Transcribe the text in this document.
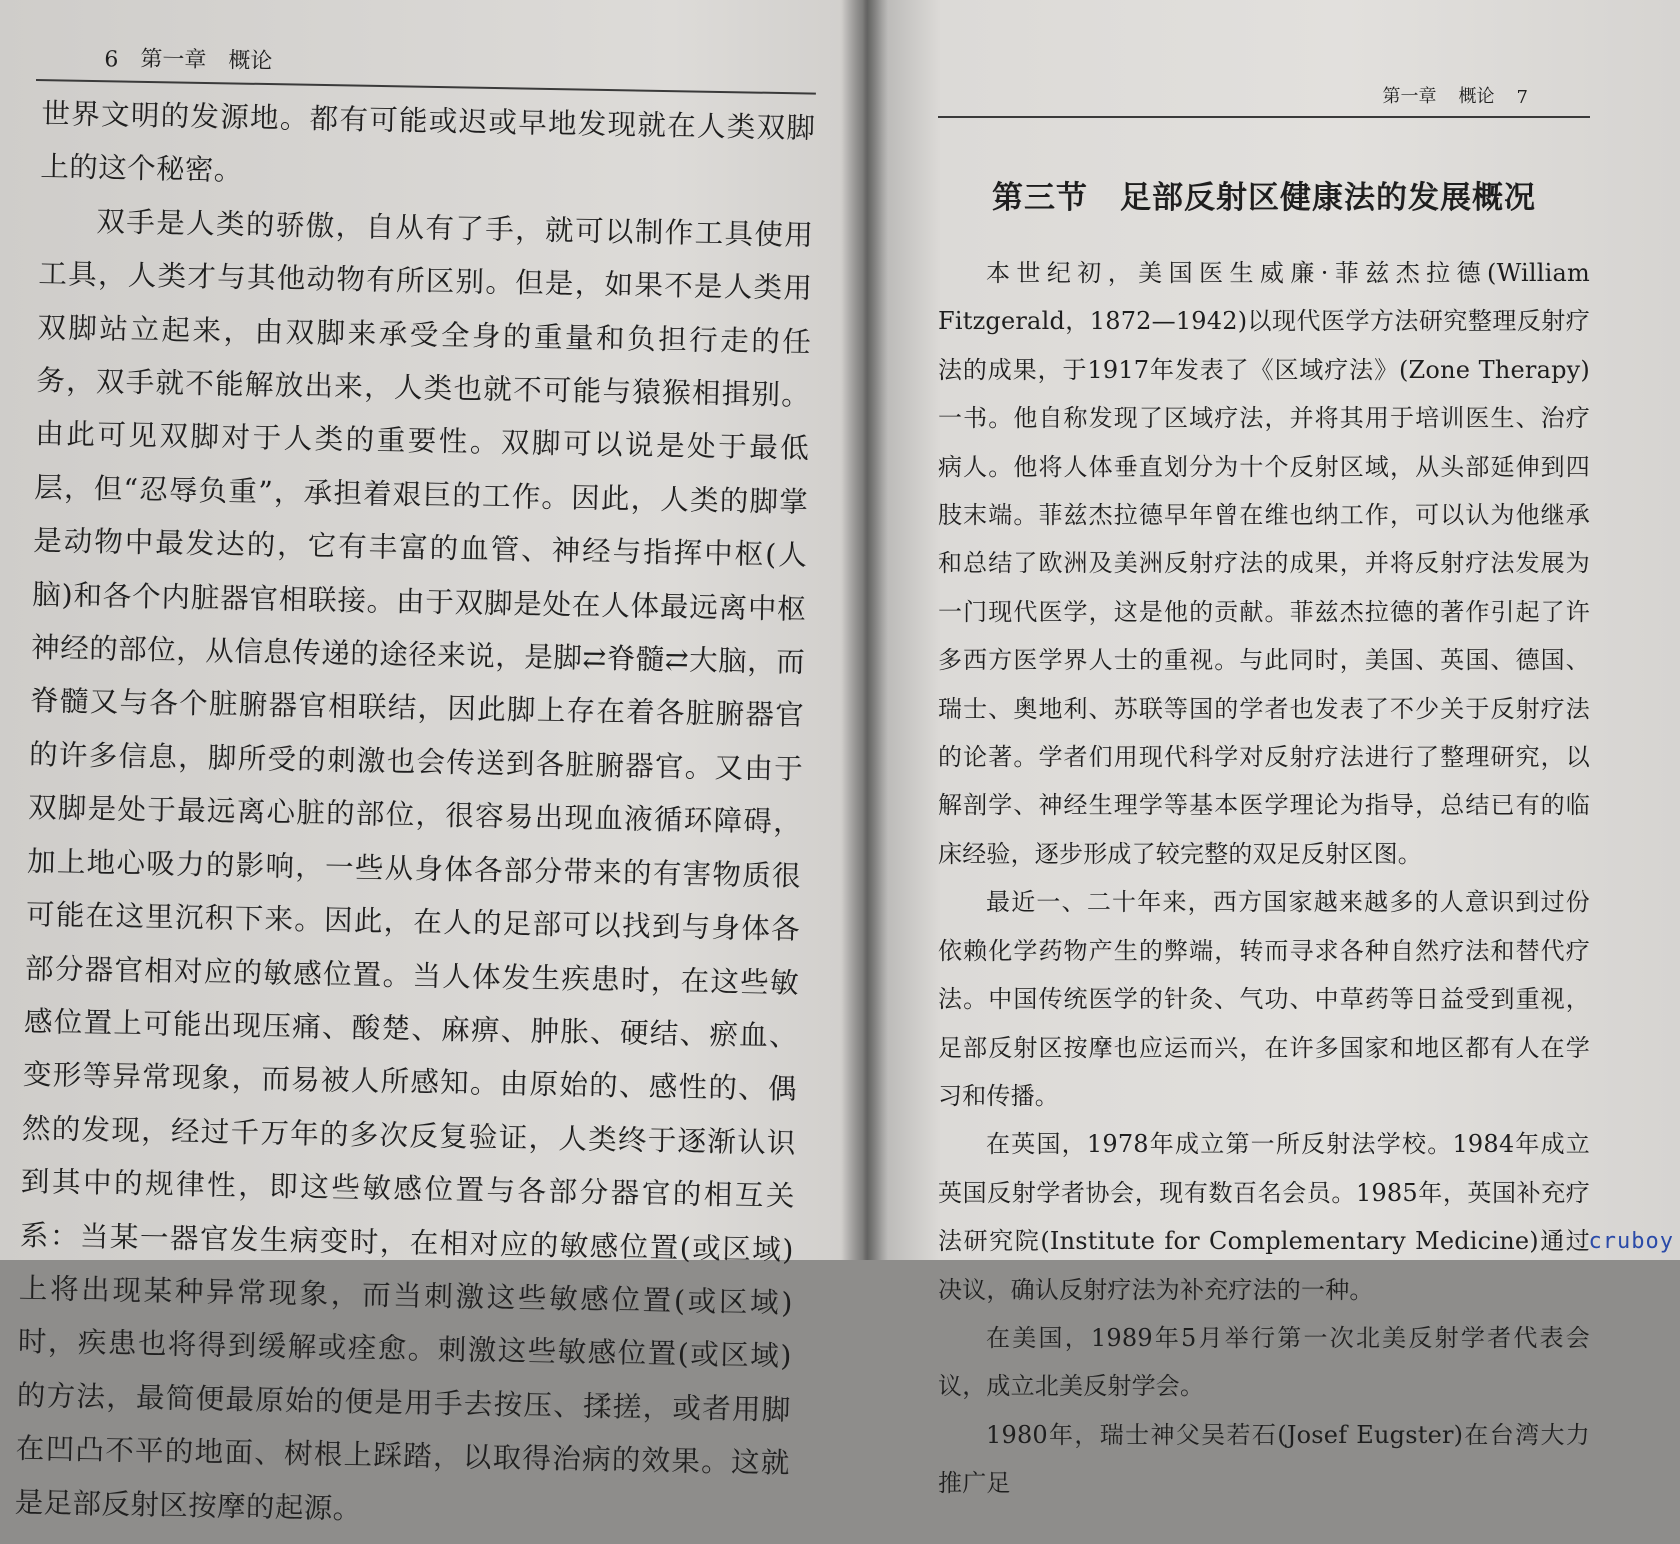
6 第一章 概论

世界文明的发源地。都有可能或迟或早地发现就在人类双脚上的这个秘密。

双手是人类的骄傲，自从有了手，就可以制作工具使用工具，人类才与其他动物有所区别。但是，如果不是人类用双脚站立起来，由双脚来承受全身的重量和负担行走的任务，双手就不能解放出来，人类也就不可能与猿猴相揖别。由此可见双脚对于人类的重要性。双脚可以说是处于最低层，但“忍辱负重”，承担着艰巨的工作。因此，人类的脚掌是动物中最发达的，它有丰富的血管、神经与指挥中枢(人脑)和各个内脏器官相联接。由于双脚是处在人体最远离中枢神经的部位，从信息传递的途径来说，是脚⇄脊髓⇄大脑，而脊髓又与各个脏腑器官相联结，因此脚上存在着各脏腑器官的许多信息，脚所受的刺激也会传送到各脏腑器官。又由于双脚是处于最远离心脏的部位，很容易出现血液循环障碍，加上地心吸力的影响，一些从身体各部分带来的有害物质很可能在这里沉积下来。因此，在人的足部可以找到与身体各部分器官相对应的敏感位置。当人体发生疾患时，在这些敏感位置上可能出现压痛、酸楚、麻痹、肿胀、硬结、瘀血、变形等异常现象，而易被人所感知。由原始的、感性的、偶然的发现，经过千万年的多次反复验证，人类终于逐渐认识到其中的规律性，即这些敏感位置与各部分器官的相互关系：当某一器官发生病变时，在相对应的敏感位置(或区域)上将出现某种异常现象，而当刺激这些敏感位置(或区域)时，疾患也将得到缓解或痊愈。刺激这些敏感位置(或区域)的方法，最简便最原始的便是用手去按压、揉搓，或者用脚在凹凸不平的地面、树根上踩踏，以取得治病的效果。这就是足部反射区按摩的起源。

第一章 概论 7
第三节　足部反射区健康法的发展概况

本世纪初，美国医生威廉·菲兹杰拉德(William Fitzgerald，1872—1942)以现代医学方法研究整理反射疗法的成果，于1917年发表了《区域疗法》(Zone Therapy)一书。他自称发现了区域疗法，并将其用于培训医生、治疗病人。他将人体垂直划分为十个反射区域，从头部延伸到四肢末端。菲兹杰拉德早年曾在维也纳工作，可以认为他继承和总结了欧洲及美洲反射疗法的成果，并将反射疗法发展为一门现代医学，这是他的贡献。菲兹杰拉德的著作引起了许多西方医学界人士的重视。与此同时，美国、英国、德国、瑞士、奥地利、苏联等国的学者也发表了不少关于反射疗法的论著。学者们用现代科学对反射疗法进行了整理研究，以解剖学、神经生理学等基本医学理论为指导，总结已有的临床经验，逐步形成了较完整的双足反射区图。

最近一、二十年来，西方国家越来越多的人意识到过份依赖化学药物产生的弊端，转而寻求各种自然疗法和替代疗法。中国传统医学的针灸、气功、中草药等日益受到重视，足部反射区按摩也应运而兴，在许多国家和地区都有人在学习和传播。

在英国，1978年成立第一所反射法学校。1984年成立英国反射学者协会，现有数百名会员。1985年，英国补充疗法研究院(Institute for Complementary Medicine)通过决议，确认反射疗法为补充疗法的一种。

在美国，1989年5月举行第一次北美反射学者代表会议，成立北美反射学会。

1980年，瑞士神父吴若石(Josef Eugster)在台湾大力推广足

cruboy
